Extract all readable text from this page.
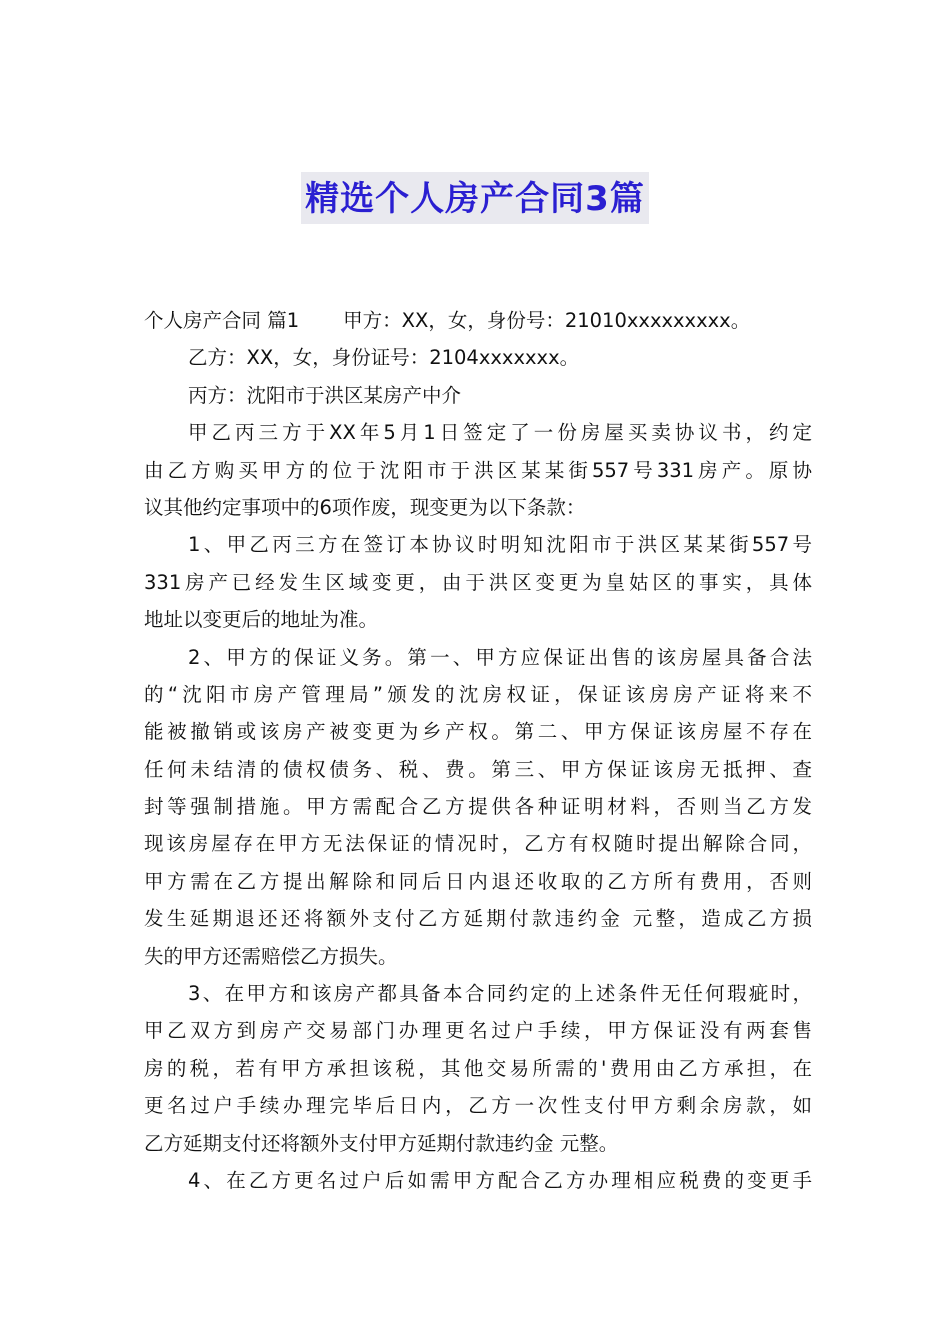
精选个人房产合同3篇
个人房产合同 篇1 甲方：XX，女，身份号：21010xxxxxxxxx。
乙方：XX，女，身份证号：2104xxxxxxx。
丙方：沈阳市于洪区某房产中介
甲乙丙三方于XX年5月1日签定了一份房屋买卖协议书，约定
由乙方购买甲方的位于沈阳市于洪区某某街557号331房产。原协
议其他约定事项中的6项作废，现变更为以下条款：
1、甲乙丙三方在签订本协议时明知沈阳市于洪区某某街557号
331房产已经发生区域变更，由于洪区变更为皇姑区的事实，具体
地址以变更后的地址为准。
2、甲方的保证义务。第一、甲方应保证出售的该房屋具备合法
的“沈阳市房产管理局”颁发的沈房权证，保证该房房产证将来不
能被撤销或该房产被变更为乡产权。第二、甲方保证该房屋不存在
任何未结清的债权债务、税、费。第三、甲方保证该房无抵押、查
封等强制措施。甲方需配合乙方提供各种证明材料，否则当乙方发
现该房屋存在甲方无法保证的情况时，乙方有权随时提出解除合同，
甲方需在乙方提出解除和同后日内退还收取的乙方所有费用，否则
发生延期退还还将额外支付乙方延期付款违约金 元整，造成乙方损
失的甲方还需赔偿乙方损失。
3、在甲方和该房产都具备本合同约定的上述条件无任何瑕疵时，
甲乙双方到房产交易部门办理更名过户手续，甲方保证没有两套售
房的税，若有甲方承担该税，其他交易所需的'费用由乙方承担，在
更名过户手续办理完毕后日内，乙方一次性支付甲方剩余房款，如
乙方延期支付还将额外支付甲方延期付款违约金 元整。
4、在乙方更名过户后如需甲方配合乙方办理相应税费的变更手
